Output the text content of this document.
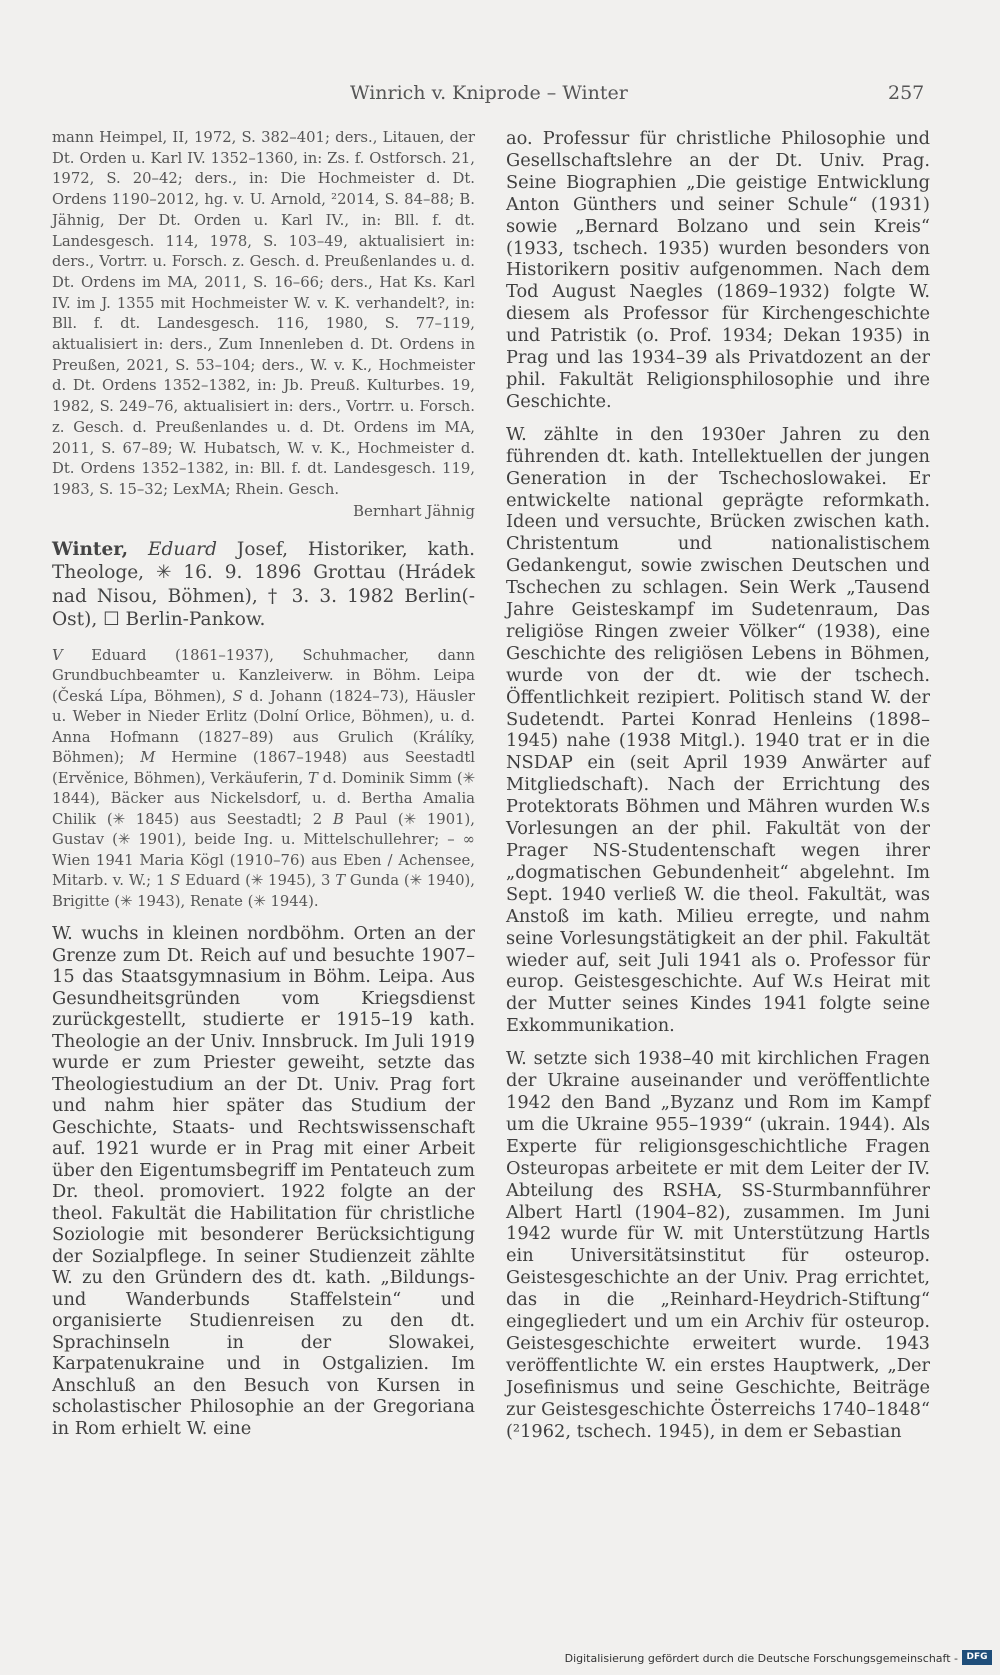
Winrich v. Kniprode – Winter	257

mann Heimpel, II, 1972, S. 382–401; ders., Litauen, der Dt. Orden u. Karl IV. 1352–1360, in: Zs. f. Ostforsch. 21, 1972, S. 20–42; ders., in: Die Hochmeister d. Dt. Ordens 1190–2012, hg. v. U. Arnold, ²2014, S. 84–88; B. Jähnig, Der Dt. Orden u. Karl IV., in: Bll. f. dt. Landesgesch. 114, 1978, S. 103–49, aktualisiert in: ders., Vortrr. u. Forsch. z. Gesch. d. Preußenlandes u. d. Dt. Ordens im MA, 2011, S. 16–66; ders., Hat Ks. Karl IV. im J. 1355 mit Hochmeister W. v. K. verhandelt?, in: Bll. f. dt. Landesgesch. 116, 1980, S. 77–119, aktualisiert in: ders., Zum Innenleben d. Dt. Ordens in Preußen, 2021, S. 53–104; ders., W. v. K., Hochmeister d. Dt. Ordens 1352–1382, in: Jb. Preuß. Kulturbes. 19, 1982, S. 249–76, aktualisiert in: ders., Vortrr. u. Forsch. z. Gesch. d. Preußenlandes u. d. Dt. Ordens im MA, 2011, S. 67–89; W. Hubatsch, W. v. K., Hochmeister d. Dt. Ordens 1352–1382, in: Bll. f. dt. Landesgesch. 119, 1983, S. 15–32; LexMA; Rhein. Gesch.

Bernhart Jähnig

Winter, Eduard Josef, Historiker, kath. Theologe, ✳ 16. 9. 1896 Grottau (Hrádek nad Nisou, Böhmen), † 3. 3. 1982 Berlin(-Ost), ☐ Berlin-Pankow.

V Eduard (1861–1937), Schuhmacher, dann Grundbuchbeamter u. Kanzleiverw. in Böhm. Leipa (Česká Lípa, Böhmen), S d. Johann (1824–73), Häusler u. Weber in Nieder Erlitz (Dolní Orlice, Böhmen), u. d. Anna Hofmann (1827–89) aus Grulich (Králíky, Böhmen); M Hermine (1867–1948) aus Seestadtl (Ervěnice, Böhmen), Verkäuferin, T d. Dominik Simm (✳ 1844), Bäcker aus Nickelsdorf, u. d. Bertha Amalia Chilik (✳ 1845) aus Seestadtl; 2 B Paul (✳ 1901), Gustav (✳ 1901), beide Ing. u. Mittelschullehrer; – ∞ Wien 1941 Maria Kögl (1910–76) aus Eben / Achensee, Mitarb. v. W.; 1 S Eduard (✳ 1945), 3 T Gunda (✳ 1940), Brigitte (✳ 1943), Renate (✳ 1944).

W. wuchs in kleinen nordböhm. Orten an der Grenze zum Dt. Reich auf und besuchte 1907–15 das Staatsgymnasium in Böhm. Leipa. Aus Gesundheitsgründen vom Kriegsdienst zurückgestellt, studierte er 1915–19 kath. Theologie an der Univ. Innsbruck. Im Juli 1919 wurde er zum Priester geweiht, setzte das Theologiestudium an der Dt. Univ. Prag fort und nahm hier später das Studium der Geschichte, Staats- und Rechtswissenschaft auf. 1921 wurde er in Prag mit einer Arbeit über den Eigentumsbegriff im Pentateuch zum Dr. theol. promoviert. 1922 folgte an der theol. Fakultät die Habilitation für christliche Soziologie mit besonderer Berücksichtigung der Sozialpflege. In seiner Studienzeit zählte W. zu den Gründern des dt. kath. „Bildungs- und Wanderbunds Staffelstein“ und organisierte Studienreisen zu den dt. Sprachinseln in der Slowakei, Karpatenukraine und in Ostgalizien. Im Anschluß an den Besuch von Kursen in scholastischer Philosophie an der Gregoriana in Rom erhielt W. eine

ao. Professur für christliche Philosophie und Gesellschaftslehre an der Dt. Univ. Prag. Seine Biographien „Die geistige Entwicklung Anton Günthers und seiner Schule“ (1931) sowie „Bernard Bolzano und sein Kreis“ (1933, tschech. 1935) wurden besonders von Historikern positiv aufgenommen. Nach dem Tod August Naegles (1869–1932) folgte W. diesem als Professor für Kirchengeschichte und Patristik (o. Prof. 1934; Dekan 1935) in Prag und las 1934–39 als Privatdozent an der phil. Fakultät Religionsphilosophie und ihre Geschichte.

W. zählte in den 1930er Jahren zu den führenden dt. kath. Intellektuellen der jungen Generation in der Tschechoslowakei. Er entwickelte national geprägte reformkath. Ideen und versuchte, Brücken zwischen kath. Christentum und nationalistischem Gedankengut, sowie zwischen Deutschen und Tschechen zu schlagen. Sein Werk „Tausend Jahre Geisteskampf im Sudetenraum, Das religiöse Ringen zweier Völker“ (1938), eine Geschichte des religiösen Lebens in Böhmen, wurde von der dt. wie der tschech. Öffentlichkeit rezipiert. Politisch stand W. der Sudetendt. Partei Konrad Henleins (1898–1945) nahe (1938 Mitgl.). 1940 trat er in die NSDAP ein (seit April 1939 Anwärter auf Mitgliedschaft). Nach der Errichtung des Protektorats Böhmen und Mähren wurden W.s Vorlesungen an der phil. Fakultät von der Prager NS-Studentenschaft wegen ihrer „dogmatischen Gebundenheit“ abgelehnt. Im Sept. 1940 verließ W. die theol. Fakultät, was Anstoß im kath. Milieu erregte, und nahm seine Vorlesungstätigkeit an der phil. Fakultät wieder auf, seit Juli 1941 als o. Professor für europ. Geistesgeschichte. Auf W.s Heirat mit der Mutter seines Kindes 1941 folgte seine Exkommunikation.

W. setzte sich 1938–40 mit kirchlichen Fragen der Ukraine auseinander und veröffentlichte 1942 den Band „Byzanz und Rom im Kampf um die Ukraine 955–1939“ (ukrain. 1944). Als Experte für religionsgeschichtliche Fragen Osteuropas arbeitete er mit dem Leiter der IV. Abteilung des RSHA, SS-Sturmbannführer Albert Hartl (1904–82), zusammen. Im Juni 1942 wurde für W. mit Unterstützung Hartls ein Universitätsinstitut für osteurop. Geistesgeschichte an der Univ. Prag errichtet, das in die „Reinhard-Heydrich-Stiftung“ eingegliedert und um ein Archiv für osteurop. Geistesgeschichte erweitert wurde. 1943 veröffentlichte W. ein erstes Hauptwerk, „Der Josefinismus und seine Geschichte, Beiträge zur Geistesgeschichte Österreichs 1740–1848“ (²1962, tschech. 1945), in dem er Sebastian

Digitalisierung gefördert durch die Deutsche Forschungsgemeinschaft - DFG
